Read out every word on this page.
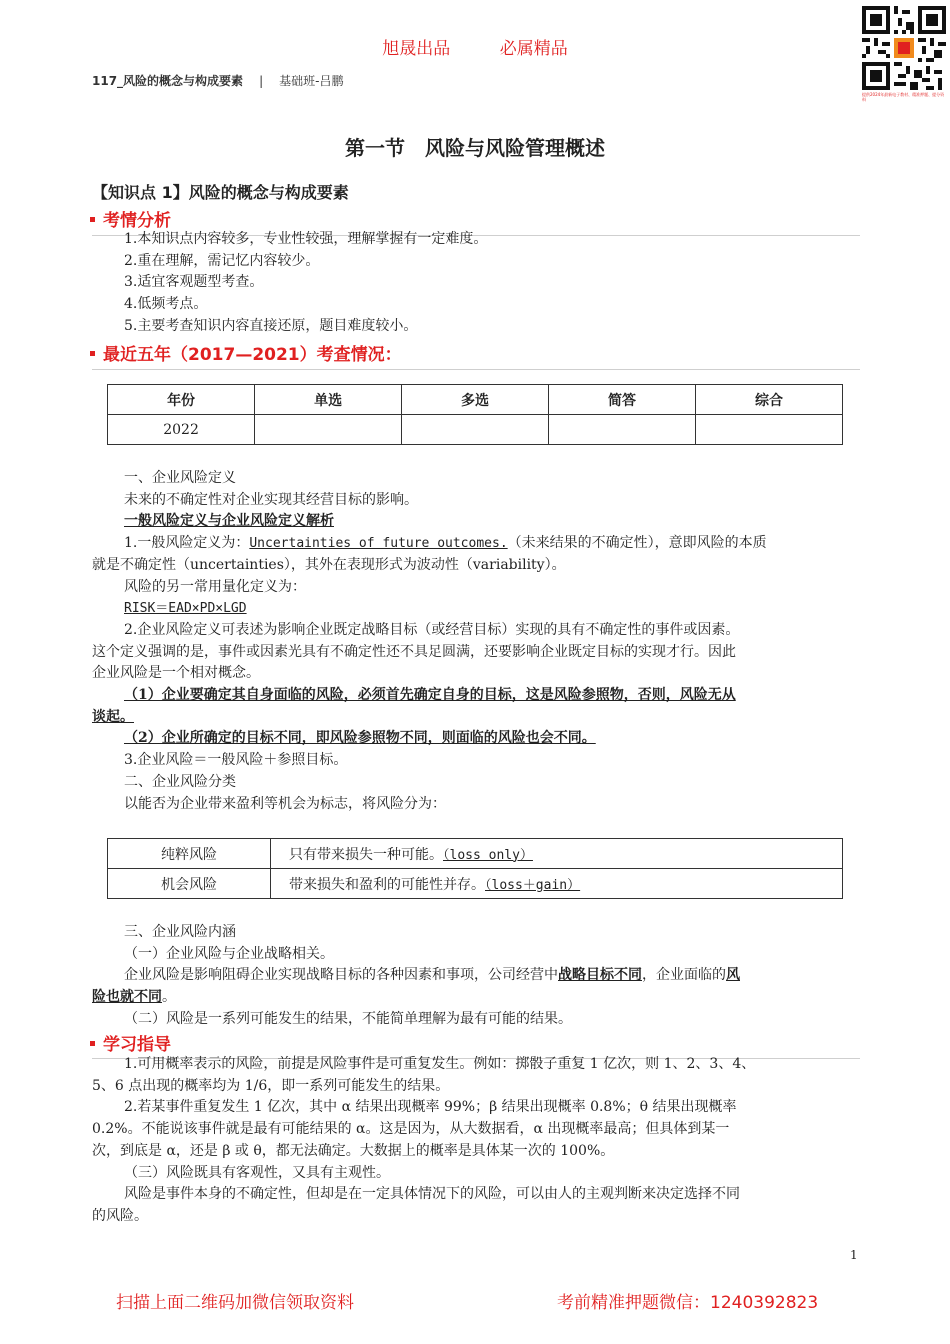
旭晟出品	必属精品
117_风险的概念与构成要素 | 基础班-吕鹏
提供2024年最新电子教材、精准押题、提分资料
第一节 风险与风险管理概述
【知识点 1】风险的概念与构成要素
考情分析
1.本知识点内容较多，专业性较强，理解掌握有一定难度。
2.重在理解，需记忆内容较少。
3.适宜客观题型考查。
4.低频考点。
5.主要考查知识内容直接还原，题目难度较小。
最近五年（2017—2021）考查情况：
年份	单选	多选	简答	综合
2022				
一、企业风险定义
未来的不确定性对企业实现其经营目标的影响。
一般风险定义与企业风险定义解析
1.一般风险定义为：Uncertainties of future outcomes.（未来结果的不确定性），意即风险的本质
就是不确定性（uncertainties），其外在表现形式为波动性（variability）。
风险的另一常用量化定义为：
RISK＝EAD×PD×LGD
2.企业风险定义可表述为影响企业既定战略目标（或经营目标）实现的具有不确定性的事件或因素。
这个定义强调的是，事件或因素光具有不确定性还不具足圆满，还要影响企业既定目标的实现才行。因此
企业风险是一个相对概念。
（1）企业要确定其自身面临的风险，必须首先确定自身的目标，这是风险参照物，否则，风险无从
谈起。
（2）企业所确定的目标不同，即风险参照物不同，则面临的风险也会不同。
3.企业风险＝一般风险＋参照目标。
二、企业风险分类
以能否为企业带来盈利等机会为标志，将风险分为：
纯粹风险	只有带来损失一种可能。（loss only）
机会风险	带来损失和盈利的可能性并存。（loss＋gain）
三、企业风险内涵
（一）企业风险与企业战略相关。
企业风险是影响阻碍企业实现战略目标的各种因素和事项，公司经营中战略目标不同，企业面临的风
险也就不同。
（二）风险是一系列可能发生的结果，不能简单理解为最有可能的结果。
学习指导
1.可用概率表示的风险，前提是风险事件是可重复发生。例如：掷骰子重复 1 亿次，则 1、2、3、4、
5、6 点出现的概率均为 1/6，即一系列可能发生的结果。
2.若某事件重复发生 1 亿次，其中 α 结果出现概率 99%；β 结果出现概率 0.8%；θ 结果出现概率
0.2%。不能说该事件就是最有可能结果的 α。这是因为，从大数据看，α 出现概率最高；但具体到某一
次，到底是 α，还是 β 或 θ，都无法确定。大数据上的概率是具体某一次的 100%。
（三）风险既具有客观性，又具有主观性。
风险是事件本身的不确定性，但却是在一定具体情况下的风险，可以由人的主观判断来决定选择不同
的风险。
1
扫描上面二维码加微信领取资料	考前精准押题微信：1240392823
